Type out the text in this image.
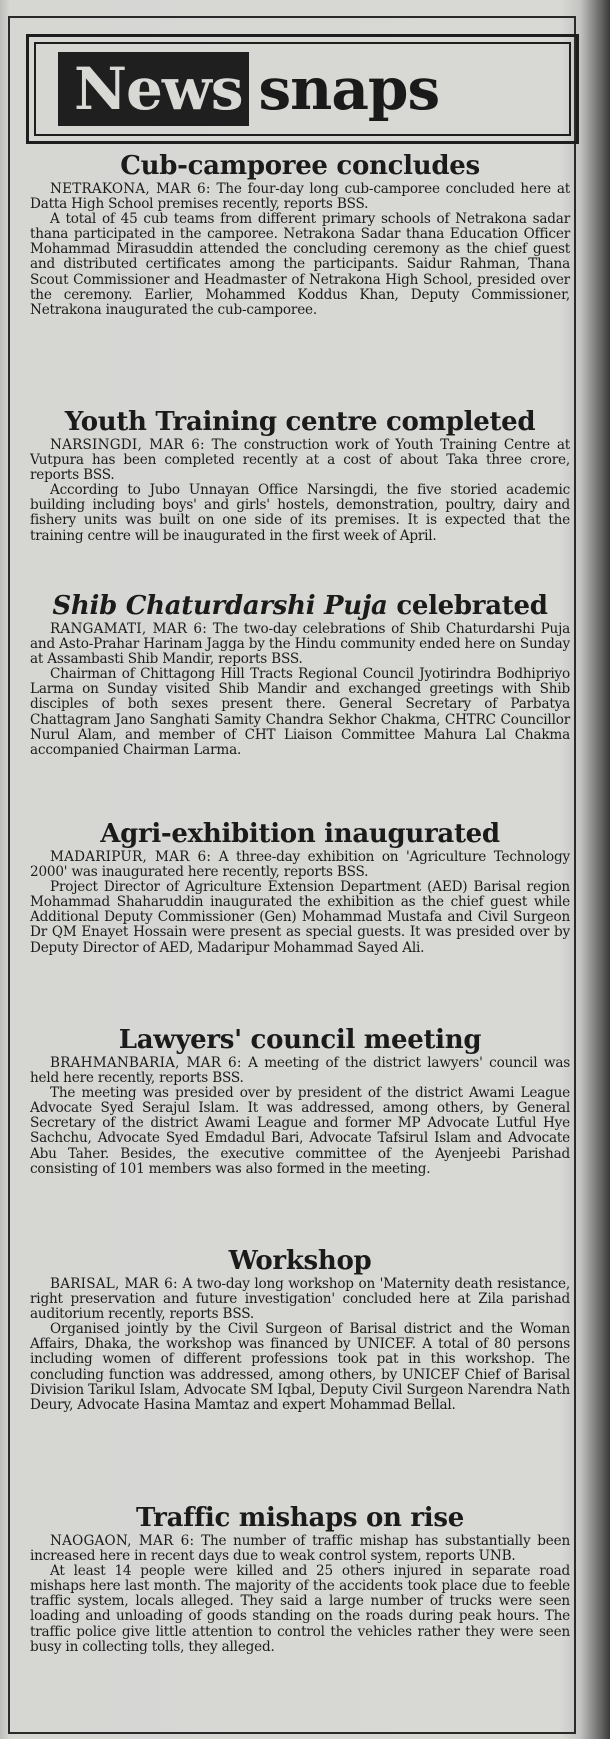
News snaps
Cub-camporee concludes

NETRAKONA, MAR 6: The four-day long cub-camporee concluded here at Datta High School premises recently, reports BSS.

A total of 45 cub teams from different primary schools of Netrakona sadar thana participated in the camporee. Netrakona Sadar thana Education Officer Mohammad Mirasuddin attended the concluding ceremony as the chief guest and distributed certificates among the participants. Saidur Rahman, Thana Scout Commissioner and Headmaster of Netrakona High School, presided over the ceremony. Earlier, Mohammed Koddus Khan, Deputy Commissioner, Netrakona inaugurated the cub-camporee.

Youth Training centre completed

NARSINGDI, MAR 6: The construction work of Youth Training Centre at Vutpura has been completed recently at a cost of about Taka three crore, reports BSS.

According to Jubo Unnayan Office Narsingdi, the five storied academic building including boys' and girls' hostels, demonstration, poultry, dairy and fishery units was built on one side of its premises. It is expected that the training centre will be inaugurated in the first week of April.

Shib Chaturdarshi Puja celebrated

RANGAMATI, MAR 6: The two-day celebrations of Shib Chaturdarshi Puja and Asto-Prahar Harinam Jagga by the Hindu community ended here on Sunday at Assambasti Shib Mandir, reports BSS.

Chairman of Chittagong Hill Tracts Regional Council Jyotirindra Bodhipriyo Larma on Sunday visited Shib Mandir and exchanged greetings with Shib disciples of both sexes present there. General Secretary of Parbatya Chattagram Jano Sanghati Samity Chandra Sekhor Chakma, CHTRC Councillor Nurul Alam, and member of CHT Liaison Committee Mahura Lal Chakma accompanied Chairman Larma.

Agri-exhibition inaugurated

MADARIPUR, MAR 6: A three-day exhibition on 'Agriculture Technology 2000' was inaugurated here recently, reports BSS.

Project Director of Agriculture Extension Department (AED) Barisal region Mohammad Shaharuddin inaugurated the exhibition as the chief guest while Additional Deputy Commissioner (Gen) Mohammad Mustafa and Civil Surgeon Dr QM Enayet Hossain were present as special guests. It was presided over by Deputy Director of AED, Madaripur Mohammad Sayed Ali.

Lawyers' council meeting

BRAHMANBARIA, MAR 6: A meeting of the district lawyers' council was held here recently, reports BSS.

The meeting was presided over by president of the district Awami League Advocate Syed Serajul Islam. It was addressed, among others, by General Secretary of the district Awami League and former MP Advocate Lutful Hye Sachchu, Advocate Syed Emdadul Bari, Advocate Tafsirul Islam and Advocate Abu Taher. Besides, the executive committee of the Ayenjeebi Parishad consisting of 101 members was also formed in the meeting.

Workshop

BARISAL, MAR 6: A two-day long workshop on 'Maternity death resistance, right preservation and future investigation' concluded here at Zila parishad auditorium recently, reports BSS.

Organised jointly by the Civil Surgeon of Barisal district and the Woman Affairs, Dhaka, the workshop was financed by UNICEF. A total of 80 persons including women of different professions took pat in this workshop. The concluding function was addressed, among others, by UNICEF Chief of Barisal Division Tarikul Islam, Advocate SM Iqbal, Deputy Civil Surgeon Narendra Nath Deury, Advocate Hasina Mamtaz and expert Mohammad Bellal.

Traffic mishaps on rise

NAOGAON, MAR 6: The number of traffic mishap has substantially been increased here in recent days due to weak control system, reports UNB.

At least 14 people were killed and 25 others injured in separate road mishaps here last month. The majority of the accidents took place due to feeble traffic system, locals alleged. They said a large number of trucks were seen loading and unloading of goods standing on the roads during peak hours. The traffic police give little attention to control the vehicles rather they were seen busy in collecting tolls, they alleged.
